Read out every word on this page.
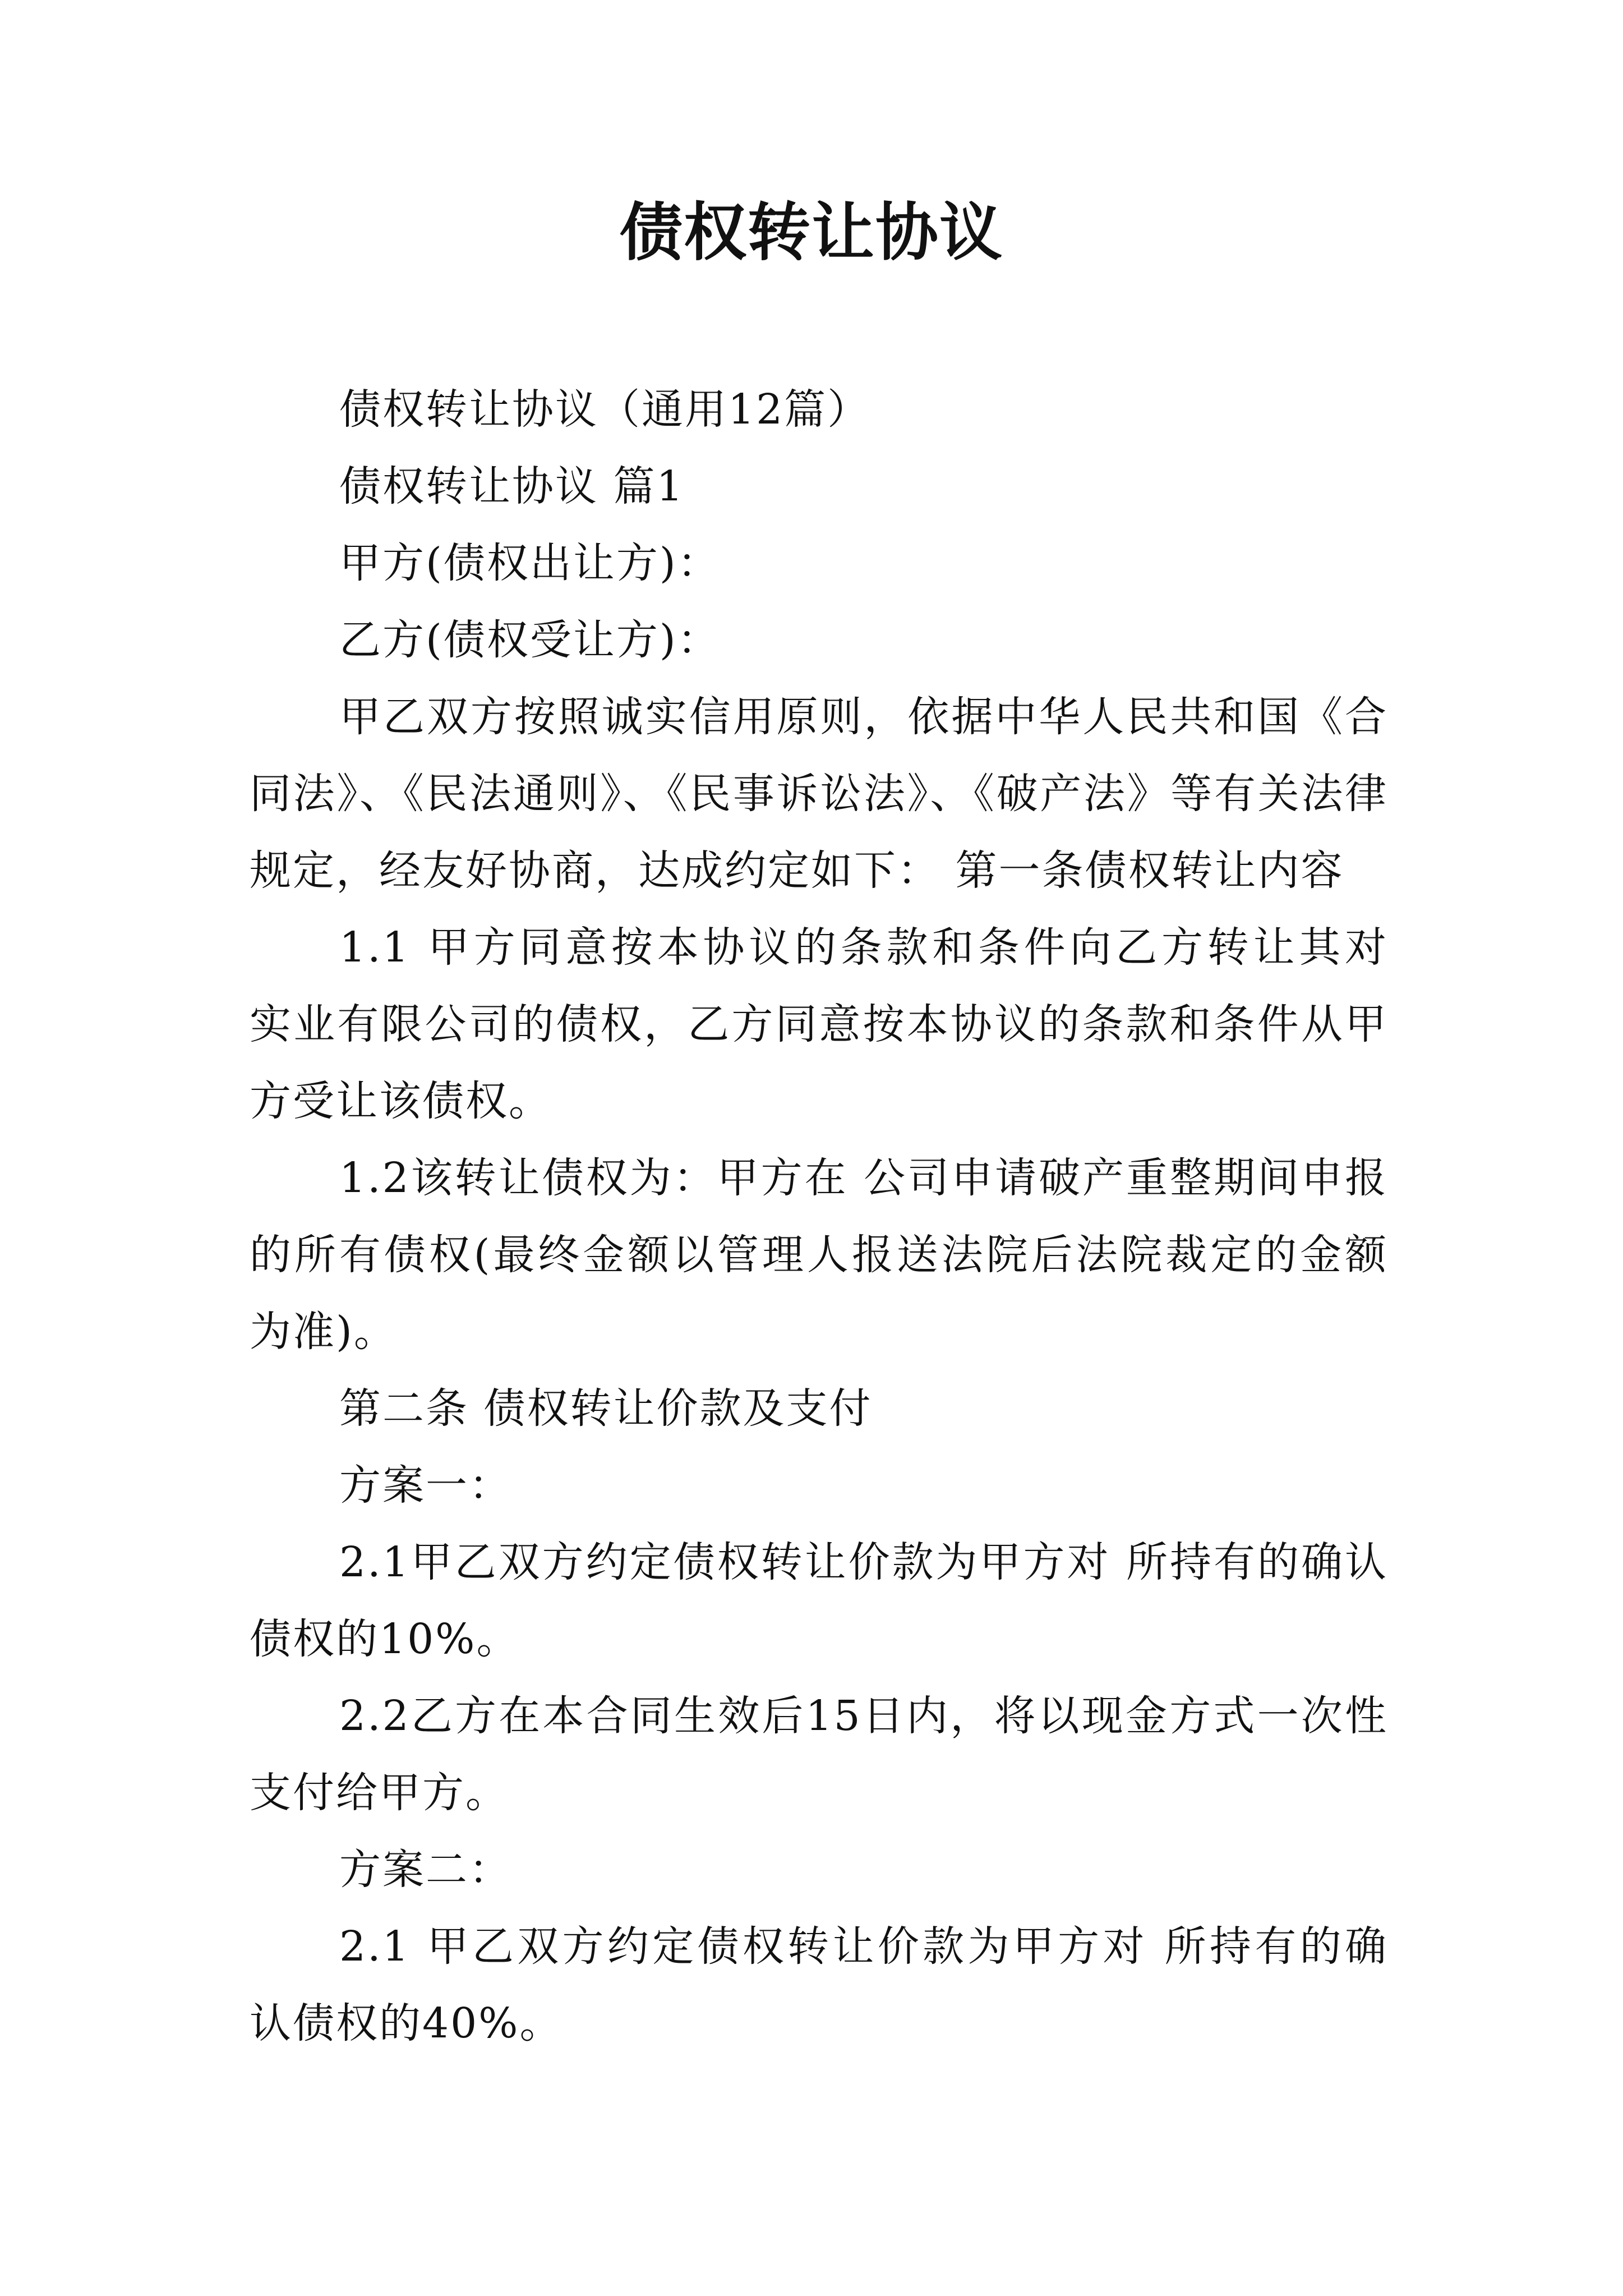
债权转让协议

债权转让协议（通用12篇）

债权转让协议 篇1

甲方(债权出让方)：

乙方(债权受让方)：

甲乙双方按照诚实信用原则，依据中华人民共和国《合同法》、《民法通则》、《民事诉讼法》、《破产法》等有关法律规定，经友好协商，达成约定如下： 第一条债权转让内容

1.1 甲方同意按本协议的条款和条件向乙方转让其对 实业有限公司的债权，乙方同意按本协议的条款和条件从甲方受让该债权。

1.2该转让债权为：甲方在 公司申请破产重整期间申报的所有债权(最终金额以管理人报送法院后法院裁定的金额为准)。

第二条 债权转让价款及支付

方案一：

2.1甲乙双方约定债权转让价款为甲方对 所持有的确认债权的10%。

2.2乙方在本合同生效后15日内，将以现金方式一次性支付给甲方。

方案二：

2.1 甲乙双方约定债权转让价款为甲方对 所持有的确认债权的40%。
